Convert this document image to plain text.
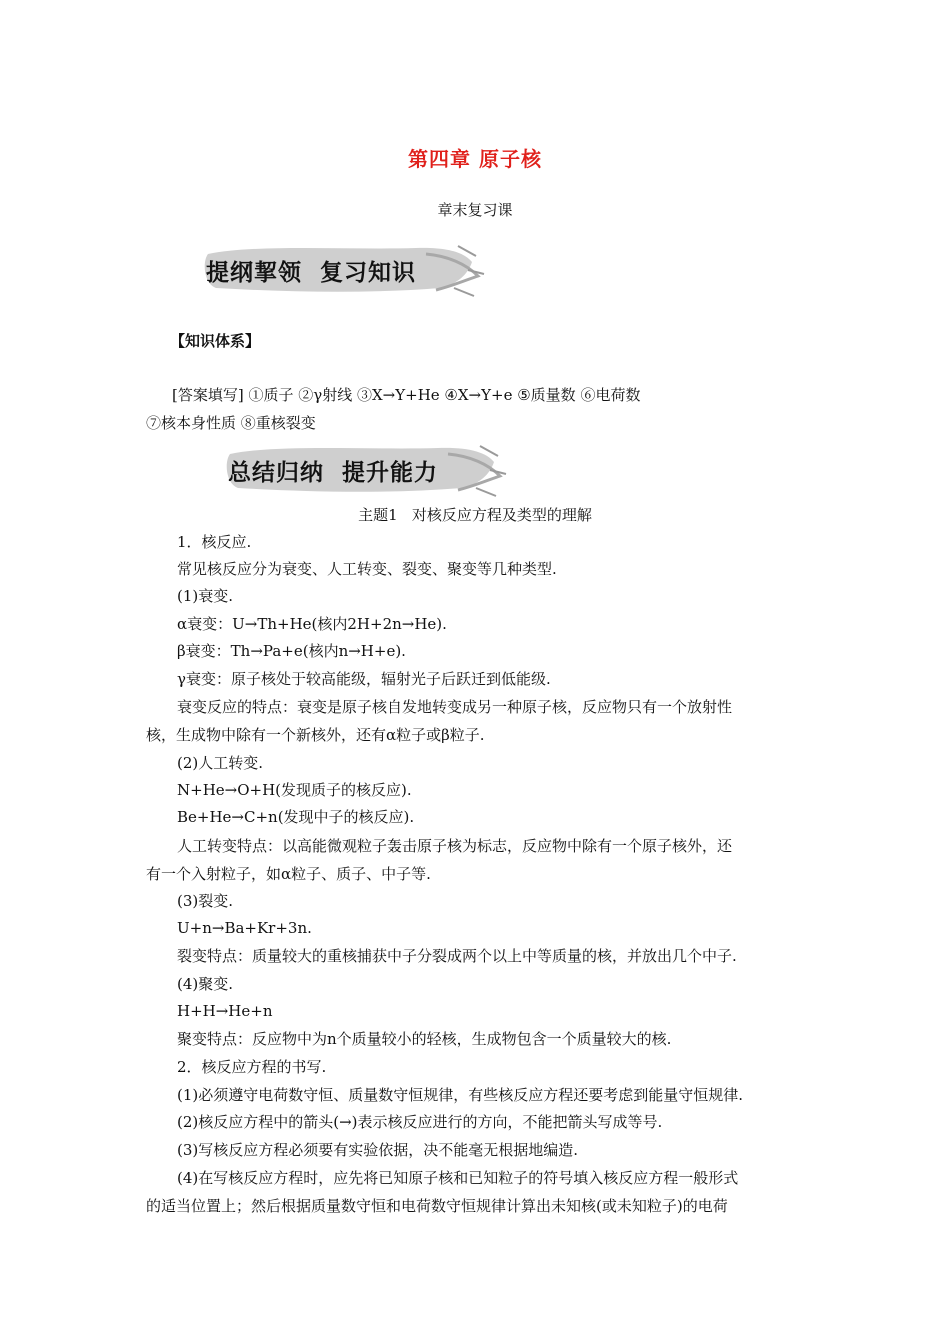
第四章 原子核
章末复习课
提纲挈领  复习知识
【知识体系】
[答案填写] ①质子 ②γ射线 ③X→Y+He ④X→Y+e ⑤质量数 ⑥电荷数
⑦核本身性质 ⑧重核裂变
总结归纳  提升能力
主题1   对核反应方程及类型的理解
1．核反应.
常见核反应分为衰变、人工转变、裂变、聚变等几种类型.
(1)衰变.
α衰变：U→Th+He(核内2H+2n→He).
β衰变：Th→Pa+e(核内n→H+e).
γ衰变：原子核处于较高能级，辐射光子后跃迁到低能级.
衰变反应的特点：衰变是原子核自发地转变成另一种原子核，反应物只有一个放射性
核，生成物中除有一个新核外，还有α粒子或β粒子.
(2)人工转变.
N+He→O+H(发现质子的核反应).
Be+He→C+n(发现中子的核反应).
人工转变特点：以高能微观粒子轰击原子核为标志，反应物中除有一个原子核外，还
有一个入射粒子，如α粒子、质子、中子等.
(3)裂变.
U+n→Ba+Kr+3n.
裂变特点：质量较大的重核捕获中子分裂成两个以上中等质量的核，并放出几个中子.
(4)聚变.
H+H→He+n
聚变特点：反应物中为n个质量较小的轻核，生成物包含一个质量较大的核.
2．核反应方程的书写.
(1)必须遵守电荷数守恒、质量数守恒规律，有些核反应方程还要考虑到能量守恒规律.
(2)核反应方程中的箭头(→)表示核反应进行的方向，不能把箭头写成等号.
(3)写核反应方程必须要有实验依据，决不能毫无根据地编造.
(4)在写核反应方程时，应先将已知原子核和已知粒子的符号填入核反应方程一般形式
的适当位置上；然后根据质量数守恒和电荷数守恒规律计算出未知核(或未知粒子)的电荷
